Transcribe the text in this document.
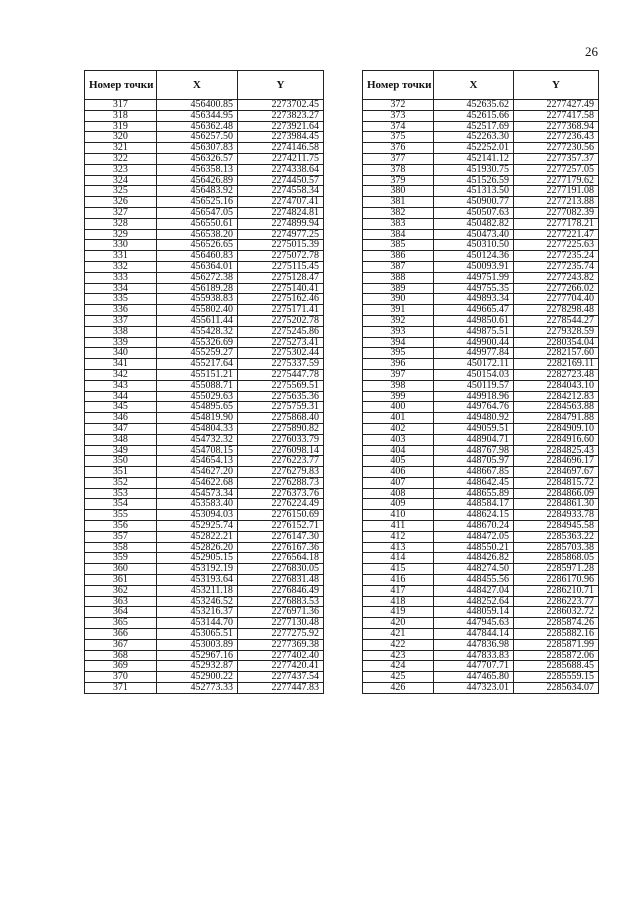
26
Номер точки	X	Y
317	456400.85	2273702.45
318	456344.95	2273823.27
319	456362.48	2273921.64
320	456257.50	2273984.45
321	456307.83	2274146.58
322	456326.57	2274211.75
323	456358.13	2274338.64
324	456426.89	2274450.57
325	456483.92	2274558.34
326	456525.16	2274707.41
327	456547.05	2274824.81
328	456550.61	2274899.94
329	456538.20	2274977.25
330	456526.65	2275015.39
331	456460.83	2275072.78
332	456364.01	2275115.45
333	456272.38	2275128.47
334	456189.28	2275140.41
335	455938.83	2275162.46
336	455802.40	2275171.41
337	455611.44	2275202.78
338	455428.32	2275245.86
339	455326.69	2275273.41
340	455259.27	2275302.44
341	455217.64	2275337.59
342	455151.21	2275447.78
343	455088.71	2275569.51
344	455029.63	2275635.36
345	454895.65	2275759.31
346	454819.90	2275868.40
347	454804.33	2275890.82
348	454732.32	2276033.79
349	454708.15	2276098.14
350	454654.13	2276223.77
351	454627.20	2276279.83
352	454622.68	2276288.73
353	454573.34	2276373.76
354	453583.40	2276224.49
355	453094.03	2276150.69
356	452925.74	2276152.71
357	452822.21	2276147.30
358	452826.20	2276167.36
359	452905.15	2276564.18
360	453192.19	2276830.05
361	453193.64	2276831.48
362	453211.18	2276846.49
363	453246.52	2276883.53
364	453216.37	2276971.36
365	453144.70	2277130.48
366	453065.51	2277275.92
367	453003.89	2277369.38
368	452967.16	2277402.40
369	452932.87	2277420.41
370	452900.22	2277437.54
371	452773.33	2277447.83
Номер точки	X	Y
372	452635.62	2277427.49
373	452615.66	2277417.58
374	452517.69	2277368.94
375	452263.30	2277236.43
376	452252.01	2277230.56
377	452141.12	2277357.37
378	451930.75	2277257.05
379	451526.59	2277179.62
380	451313.50	2277191.08
381	450900.77	2277213.88
382	450507.63	2277082.39
383	450482.82	2277178.21
384	450473.40	2277221.47
385	450310.50	2277225.63
386	450124.36	2277235.24
387	450093.91	2277235.74
388	449751.99	2277243.82
389	449755.35	2277266.02
390	449893.34	2277704.40
391	449665.47	2278298.48
392	449850.61	2278544.27
393	449875.51	2279328.59
394	449900.44	2280354.04
395	449977.84	2282157.60
396	450172.11	2282169.11
397	450154.03	2282723.48
398	450119.57	2284043.10
399	449918.96	2284212.83
400	449764.76	2284563.88
401	449480.92	2284791.88
402	449059.51	2284909.10
403	448904.71	2284916.60
404	448767.98	2284825.43
405	448705.97	2284696.17
406	448667.85	2284697.67
407	448642.45	2284815.72
408	448655.89	2284866.09
409	448584.17	2284861.30
410	448624.15	2284933.78
411	448670.24	2284945.58
412	448472.05	2285363.22
413	448550.21	2285703.38
414	448426.82	2285868.05
415	448274.50	2285971.28
416	448455.56	2286170.96
417	448427.04	2286210.71
418	448252.64	2286223.77
419	448059.14	2286032.72
420	447945.63	2285874.26
421	447844.14	2285882.16
422	447836.98	2285871.99
423	447833.83	2285872.06
424	447707.71	2285688.45
425	447465.80	2285559.15
426	447323.01	2285634.07
